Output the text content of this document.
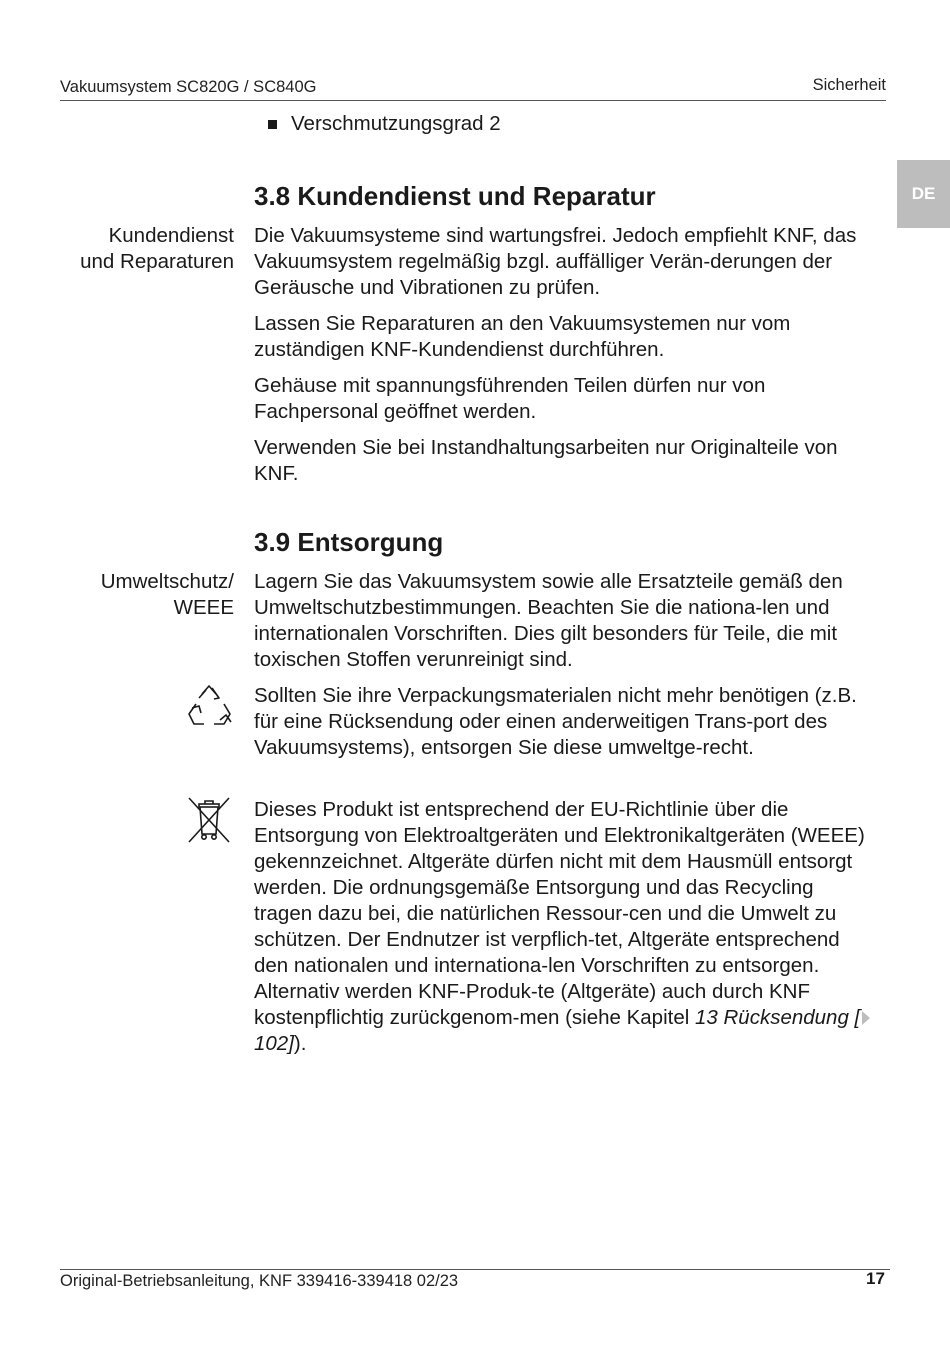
Vakuumsystem SC820G / SC840G	Sicherheit
DE
Verschmutzungsgrad 2
3.8 Kundendienst und Reparatur
Kundendienst
und Reparaturen

Die Vakuumsysteme sind wartungsfrei. Jedoch empfiehlt KNF, das Vakuumsystem regelmäßig bzgl. auffälliger Verän-derungen der Geräusche und Vibrationen zu prüfen.

Lassen Sie Reparaturen an den Vakuumsystemen nur vom zuständigen KNF-Kundendienst durchführen.

Gehäuse mit spannungsführenden Teilen dürfen nur von Fachpersonal geöffnet werden.

Verwenden Sie bei Instandhaltungsarbeiten nur Originalteile von KNF.

3.9 Entsorgung
Umweltschutz/
WEEE
Lagern Sie das Vakuumsystem sowie alle Ersatzteile gemäß den Umweltschutzbestimmungen. Beachten Sie die nationa-len und internationalen Vorschriften. Dies gilt besonders für Teile, die mit toxischen Stoffen verunreinigt sind.
Sollten Sie ihre Verpackungsmaterialen nicht mehr benötigen (z.B. für eine Rücksendung oder einen anderweitigen Trans-port des Vakuumsystems), entsorgen Sie diese umweltge-recht.
Dieses Produkt ist entsprechend der EU-Richtlinie über die Entsorgung von Elektroaltgeräten und Elektronikaltgeräten (WEEE) gekennzeichnet. Altgeräte dürfen nicht mit dem Hausmüll entsorgt werden. Die ordnungsgemäße Entsorgung und das Recycling tragen dazu bei, die natürlichen Ressour-cen und die Umwelt zu schützen. Der Endnutzer ist verpflich-tet, Altgeräte entsprechend den nationalen und internationa-len Vorschriften zu entsorgen. Alternativ werden KNF-Produk-te (Altgeräte) auch durch KNF kostenpflichtig zurückgenom-men (siehe Kapitel 13 Rücksendung [102]).
Original-Betriebsanleitung, KNF 339416-339418 02/23	17
